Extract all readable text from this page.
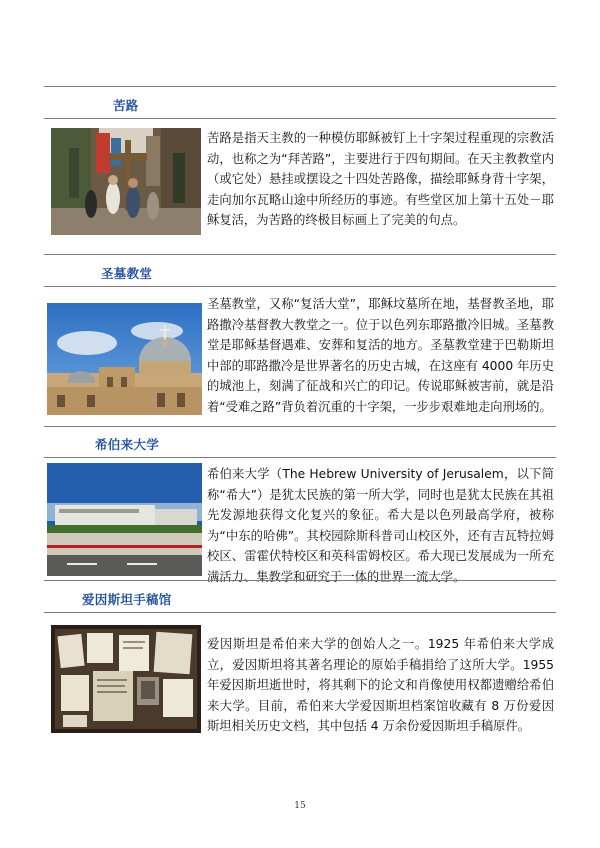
苦路

苦路是指天主教的一种模仿耶稣被钉上十字架过程重现的宗教活动，也称之为“拜苦路”，主要进行于四旬期间。在天主教教堂内（或它处）悬挂或摆设之十四处苦路像，描绘耶稣身背十字架，走向加尔瓦略山途中所经历的事迹。有些堂区加上第十五处－耶稣复活，为苦路的终极目标画上了完美的句点。

圣墓教堂

圣墓教堂，又称“复活大堂”，耶稣坟墓所在地，基督教圣地，耶路撒冷基督教大教堂之一。位于以色列东耶路撒冷旧城。圣墓教堂是耶稣基督遇难、安葬和复活的地方。圣墓教堂建于巴勒斯坦中部的耶路撒冷是世界著名的历史古城，在这座有 4000 年历史的城池上，刻满了征战和兴亡的印记。传说耶稣被害前，就是沿着“受难之路”背负着沉重的十字架，一步步艰难地走向刑场的。

希伯来大学

希伯来大学（The Hebrew University of Jerusalem，以下简称“希大”）是犹太民族的第一所大学，同时也是犹太民族在其祖先发源地获得文化复兴的象征。希大是以色列最高学府，被称为“中东的哈佛”。其校园除斯科普司山校区外，还有吉瓦特拉姆校区、雷霍伏特校区和英科雷姆校区。希大现已发展成为一所充满活力、集教学和研究于一体的世界一流大学。

爱因斯坦手稿馆

爱因斯坦是希伯来大学的创始人之一。1925 年希伯来大学成立，爱因斯坦将其著名理论的原始手稿捐给了这所大学。1955 年爱因斯坦逝世时，将其剩下的论文和肖像使用权都遗赠给希伯来大学。目前，希伯来大学爱因斯坦档案馆收藏有 8 万份爱因斯坦相关历史文档，其中包括 4 万余份爱因斯坦手稿原件。

15
